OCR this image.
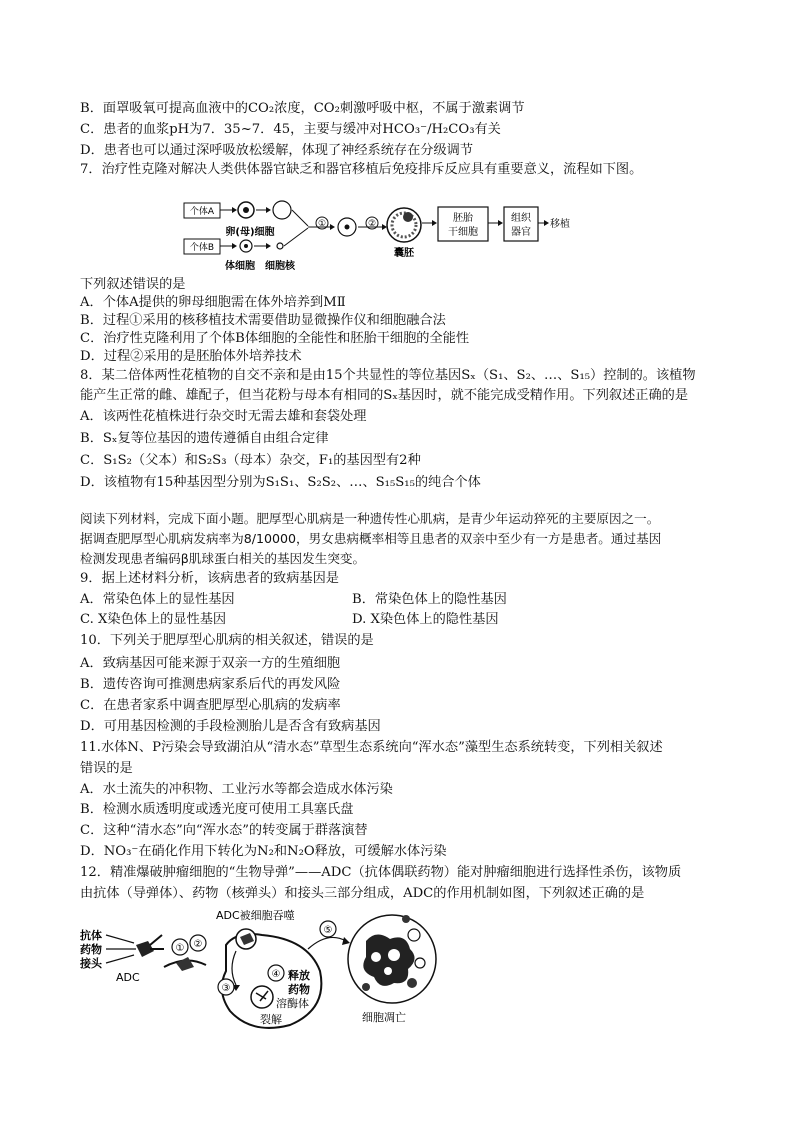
B．面罩吸氧可提高血液中的CO₂浓度，CO₂刺激呼吸中枢，不属于激素调节
C．患者的血浆pH为7．35~7．45，主要与缓冲对HCO₃⁻/H₂CO₃有关
D．患者也可以通过深呼吸放松缓解，体现了神经系统存在分级调节
7．治疗性克隆对解决人类供体器官缺乏和器官移植后免疫排斥反应具有重要意义，流程如下图。
个体A
卵(母)细胞
个体B
体细胞 细胞核
①	②
囊胚
胚胎
干细胞
组织
器官
移植
下列叙述错误的是
A．个体A提供的卵母细胞需在体外培养到MⅡ
B．过程①采用的核移植技术需要借助显微操作仪和细胞融合法
C．治疗性克隆利用了个体B体细胞的全能性和胚胎干细胞的全能性
D．过程②采用的是胚胎体外培养技术
8．某二倍体两性花植物的自交不亲和是由15个共显性的等位基因Sₓ（S₁、S₂、…、S₁₅）控制的。该植物
能产生正常的雌、雄配子，但当花粉与母本有相同的Sₓ基因时，就不能完成受精作用。下列叙述正确的是
A．该两性花植株进行杂交时无需去雄和套袋处理
B．Sₓ复等位基因的遗传遵循自由组合定律
C．S₁S₂（父本）和S₂S₃（母本）杂交，F₁的基因型有2种
D．该植物有15种基因型分别为S₁S₁、S₂S₂、…、S₁₅S₁₅的纯合个体
阅读下列材料，完成下面小题。肥厚型心肌病是一种遗传性心肌病，是青少年运动猝死的主要原因之一。
据调查肥厚型心肌病发病率为8/10000，男女患病概率相等且患者的双亲中至少有一方是患者。通过基因
检测发现患者编码β肌球蛋白相关的基因发生突变。
9．据上述材料分析，该病患者的致病基因是
A．常染色体上的显性基因	B．常染色体上的隐性基因
C. X染色体上的显性基因	D. X染色体上的隐性基因
10．下列关于肥厚型心肌病的相关叙述，错误的是
A．致病基因可能来源于双亲一方的生殖细胞
B．遗传咨询可推测患病家系后代的再发风险
C．在患者家系中调查肥厚型心肌病的发病率
D．可用基因检测的手段检测胎儿是否含有致病基因
11.水体N、P污染会导致湖泊从“清水态”草型生态系统向“浑水态”藻型生态系统转变，下列相关叙述
错误的是
A．水土流失的冲积物、工业污水等都会造成水体污染
B．检测水质透明度或透光度可使用工具塞氏盘
C．这种“清水态”向“浑水态”的转变属于群落演替
D．NO₃⁻在硝化作用下转化为N₂和N₂O释放，可缓解水体污染
12．精准爆破肿瘤细胞的“生物导弹”——ADC（抗体偶联药物）能对肿瘤细胞进行选择性杀伤，该物质
由抗体（导弹体）、药物（核弹头）和接头三部分组成，ADC的作用机制如图，下列叙述正确的是
抗体
药物
接头
ADC
① ②
ADC被细胞吞噬
③
④ 释放
药物
溶酶体
裂解
⑤
细胞凋亡
